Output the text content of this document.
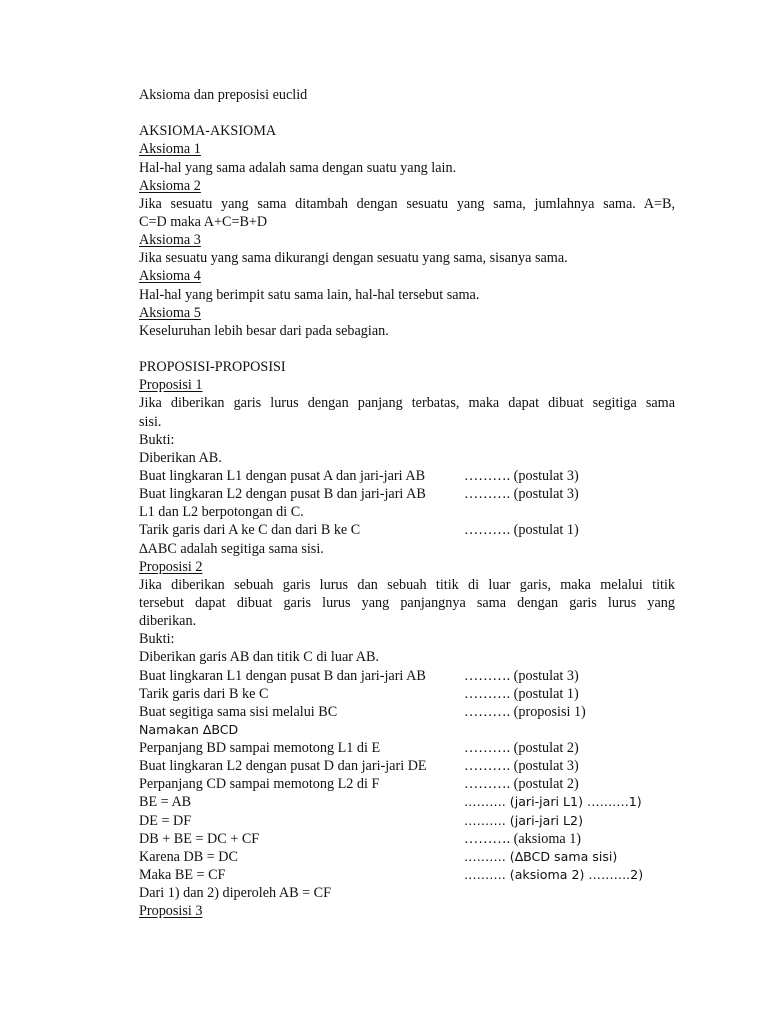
Aksioma dan preposisi euclid
AKSIOMA-AKSIOMA
Aksioma 1
Hal-hal yang sama adalah sama dengan suatu yang lain.
Aksioma 2
Jika sesuatu yang sama ditambah dengan sesuatu yang sama, jumlahnya sama. A=B,
C=D maka A+C=B+D
Aksioma 3
Jika sesuatu yang sama dikurangi dengan sesuatu yang sama, sisanya sama.
Aksioma 4
Hal-hal yang berimpit satu sama lain, hal-hal tersebut sama.
Aksioma 5
Keseluruhan lebih besar dari pada sebagian.
PROPOSISI-PROPOSISI
Proposisi 1
Jika diberikan garis lurus dengan panjang terbatas, maka dapat dibuat segitiga sama
sisi.
Bukti:
Diberikan AB.
Buat lingkaran L1 dengan pusat A dan jari-jari AB	………. (postulat 3)
Buat lingkaran L2 dengan pusat B dan jari-jari AB	………. (postulat 3)
L1 dan L2 berpotongan di C.
Tarik garis dari A ke C dan dari B ke C	………. (postulat 1)
∆ABC adalah segitiga sama sisi.
Proposisi 2
Jika diberikan sebuah garis lurus dan sebuah titik di luar garis, maka melalui titik
tersebut dapat dibuat garis lurus yang panjangnya sama dengan garis lurus yang
diberikan.
Bukti:
Diberikan garis AB dan titik C di luar AB.
Buat lingkaran L1 dengan pusat B dan jari-jari AB	………. (postulat 3)
Tarik garis dari B ke C	………. (postulat 1)
Buat segitiga sama sisi melalui BC	………. (proposisi 1)
Namakan ∆BCD
Perpanjang BD sampai memotong L1 di E	………. (postulat 2)
Buat lingkaran L2 dengan pusat D dan jari-jari DE	………. (postulat 3)
Perpanjang CD sampai memotong L2 di F	………. (postulat 2)
BE = AB	………. (jari-jari L1) ……….1)
DE = DF	………. (jari-jari L2)
DB + BE = DC + CF	………. (aksioma 1)
Karena DB = DC	………. (∆BCD sama sisi)
Maka BE = CF	………. (aksioma 2) ……….2)
Dari 1) dan 2) diperoleh AB = CF
Proposisi 3
